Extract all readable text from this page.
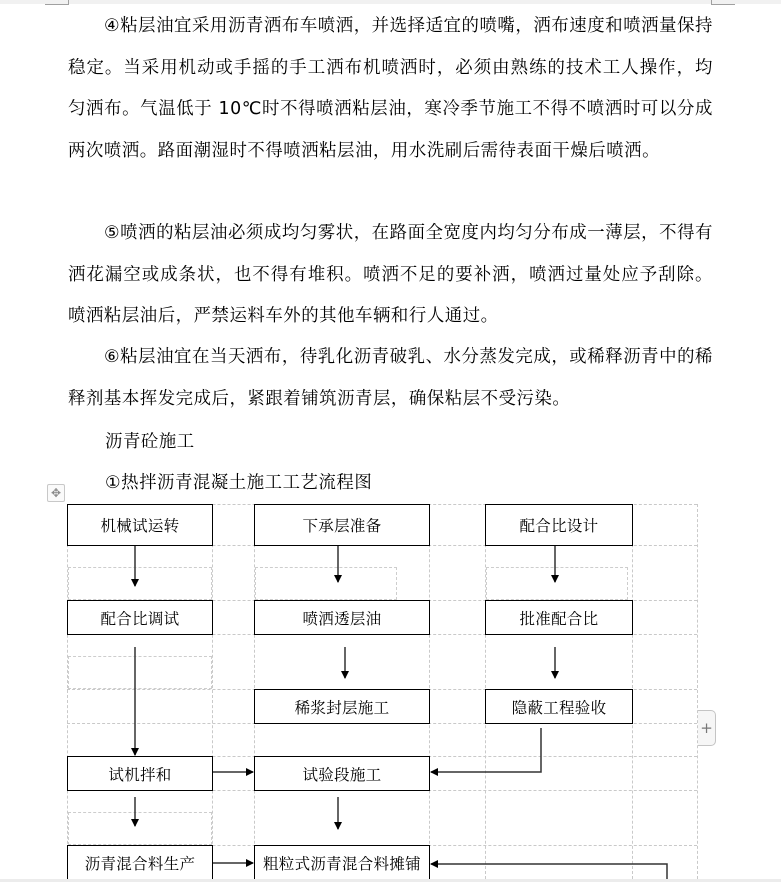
④粘层油宜采用沥青洒布车喷洒，并选择适宜的喷嘴，洒布速度和喷洒量保持稳定。当采用机动或手摇的手工洒布机喷洒时，必须由熟练的技术工人操作，均匀洒布。气温低于 10℃时不得喷洒粘层油，寒冷季节施工不得不喷洒时可以分成两次喷洒。路面潮湿时不得喷洒粘层油，用水洗刷后需待表面干燥后喷洒。

⑤喷洒的粘层油必须成均匀雾状，在路面全宽度内均匀分布成一薄层，不得有洒花漏空或成条状，也不得有堆积。喷洒不足的要补洒，喷洒过量处应予刮除。喷洒粘层油后，严禁运料车外的其他车辆和行人通过。

⑥粘层油宜在当天洒布，待乳化沥青破乳、水分蒸发完成，或稀释沥青中的稀释剂基本挥发完成后，紧跟着铺筑沥青层，确保粘层不受污染。

沥青砼施工
①热拌沥青混凝土施工工艺流程图
✥
机械试运转	下承层准备	配合比设计
配合比调试	喷洒透层油	批准配合比
稀浆封层施工	隐蔽工程验收
试机拌和	试验段施工
沥青混合料生产	粗粒式沥青混合料摊铺
+
